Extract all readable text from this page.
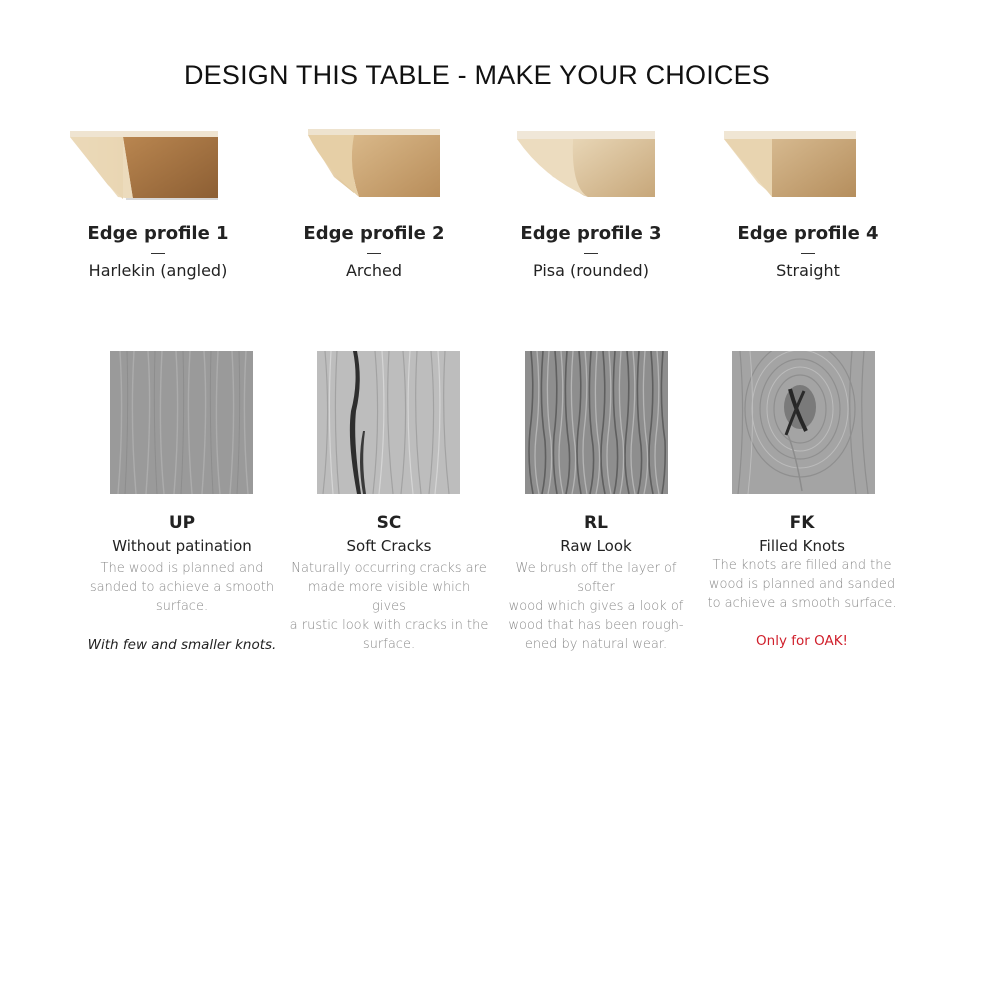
DESIGN THIS TABLE - MAKE YOUR CHOICES
Edge profile 1
—
Harlekin (angled)
Edge profile 2
—
Arched
Edge profile 3
—
Pisa (rounded)
Edge profile 4
—
Straight
UP
Without patination
The wood is planned and
sanded to achieve a smooth
surface.
With few and smaller knots.
SC
Soft Cracks
Naturally occurring cracks are
made more visible which gives
a rustic look with cracks in the
surface.
RL
Raw Look
We brush off the layer of softer
wood which gives a look of
wood that has been rough-
ened by natural wear.
FK
Filled Knots
The knots are filled and the
wood is planned and sanded
to achieve a smooth surface.
Only for OAK!
